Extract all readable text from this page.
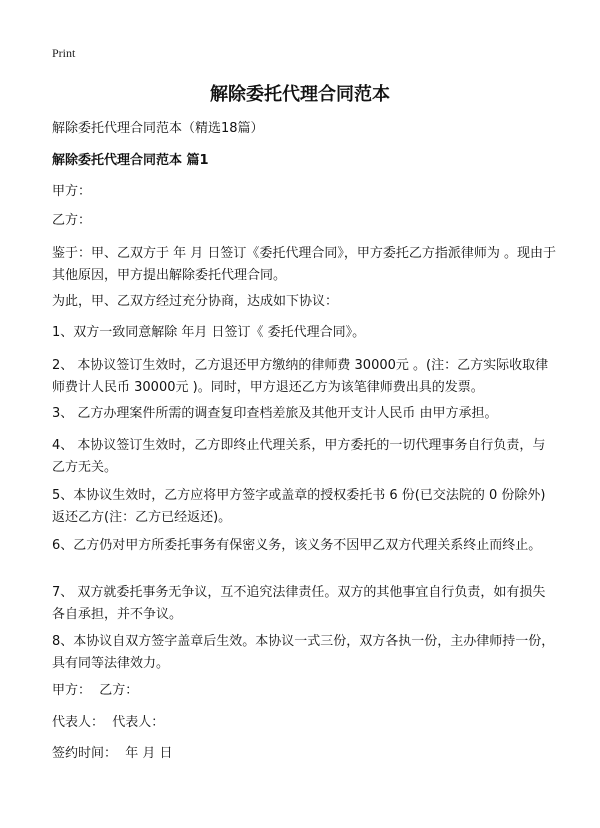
Print
解除委托代理合同范本
解除委托代理合同范本（精选18篇）
解除委托代理合同范本 篇1
甲方：
乙方：
鉴于：甲、乙双方于 年 月 日签订《委托代理合同》，甲方委托乙方指派律师为 。现由于其他原因，甲方提出解除委托代理合同。
为此，甲、乙双方经过充分协商，达成如下协议：
1、双方一致同意解除 年月 日签订《 委托代理合同》。
2、 本协议签订生效时，乙方退还甲方缴纳的律师费 30000元 。(注：乙方实际收取律师费计人民币 30000元 )。同时，甲方退还乙方为该笔律师费出具的发票。
3、 乙方办理案件所需的调查复印查档差旅及其他开支计人民币 由甲方承担。
4、 本协议签订生效时，乙方即终止代理关系，甲方委托的一切代理事务自行负责，与乙方无关。
5、本协议生效时，乙方应将甲方签字或盖章的授权委托书 6 份(已交法院的 0 份除外)返还乙方(注：乙方已经返还)。
6、乙方仍对甲方所委托事务有保密义务，该义务不因甲乙双方代理关系终止而终止。
7、 双方就委托事务无争议，互不追究法律责任。双方的其他事宜自行负责，如有损失各自承担，并不争议。
8、本协议自双方签字盖章后生效。本协议一式三份，双方各执一份，主办律师持一份，具有同等法律效力。
甲方：  乙方：
代表人：  代表人：
签约时间：  年 月 日
